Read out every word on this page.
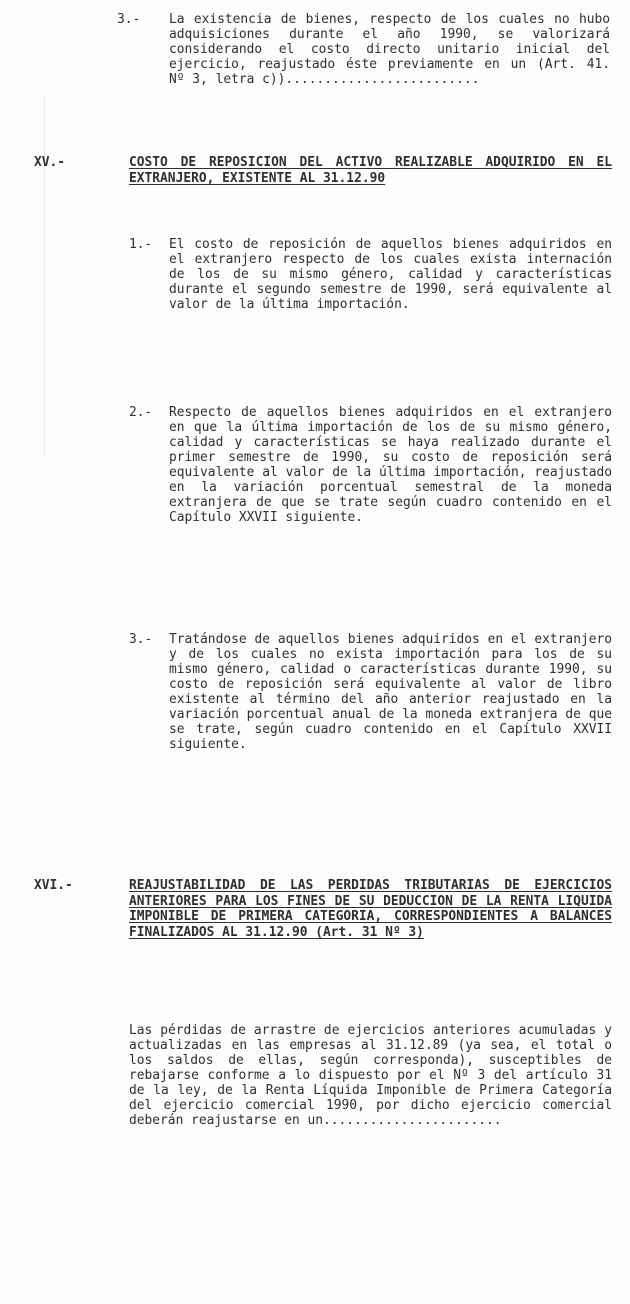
3.- La existencia de bienes, respecto de los cuales no hubo adquisiciones durante el año 1990, se valorizará considerando el costo directo unitario inicial del ejercicio, reajustado éste previamente en un (Art. 41. Nº 3, letra c)).........................
XV.-	COSTO DE REPOSICION DEL ACTIVO REALIZABLE ADQUIRIDO EN EL EXTRANJERO, EXISTENTE AL 31.12.90
1.- El costo de reposición de aquellos bienes adquiridos en el extranjero respecto de los cuales exista internación de los de su mismo género, calidad y características durante el segundo semestre de 1990, será equivalente al valor de la última importación.
2.- Respecto de aquellos bienes adquiridos en el extranjero en que la última importación de los de su mismo género, calidad y características se haya realizado durante el primer semestre de 1990, su costo de reposición será equivalente al valor de la última importación, reajustado en la variación porcentual semestral de la moneda extranjera de que se trate según cuadro contenido en el Capítulo XXVII siguiente.
3.- Tratándose de aquellos bienes adquiridos en el extranjero y de los cuales no exista importación para los de su mismo género, calidad o características durante 1990, su costo de reposición será equivalente al valor de libro existente al término del año anterior reajustado en la variación porcentual anual de la moneda extranjera de que se trate, según cuadro contenido en el Capítulo XXVII siguiente.
XVI.-	REAJUSTABILIDAD DE LAS PERDIDAS TRIBUTARIAS DE EJERCICIOS ANTERIORES PARA LOS FINES DE SU DEDUCCION DE LA RENTA LIQUIDA IMPONIBLE DE PRIMERA CATEGORIA, CORRESPONDIENTES A BALANCES FINALIZADOS AL 31.12.90 (Art. 31 Nº 3)
Las pérdidas de arrastre de ejercicios anteriores acumuladas y actualizadas en las empresas al 31.12.89 (ya sea, el total o los saldos de ellas, según corresponda), susceptibles de rebajarse conforme a lo dispuesto por el Nº 3 del artículo 31 de la ley, de la Renta Líquida Imponible de Primera Categoría del ejercicio comercial 1990, por dicho ejercicio comercial deberán reajustarse en un.......................
